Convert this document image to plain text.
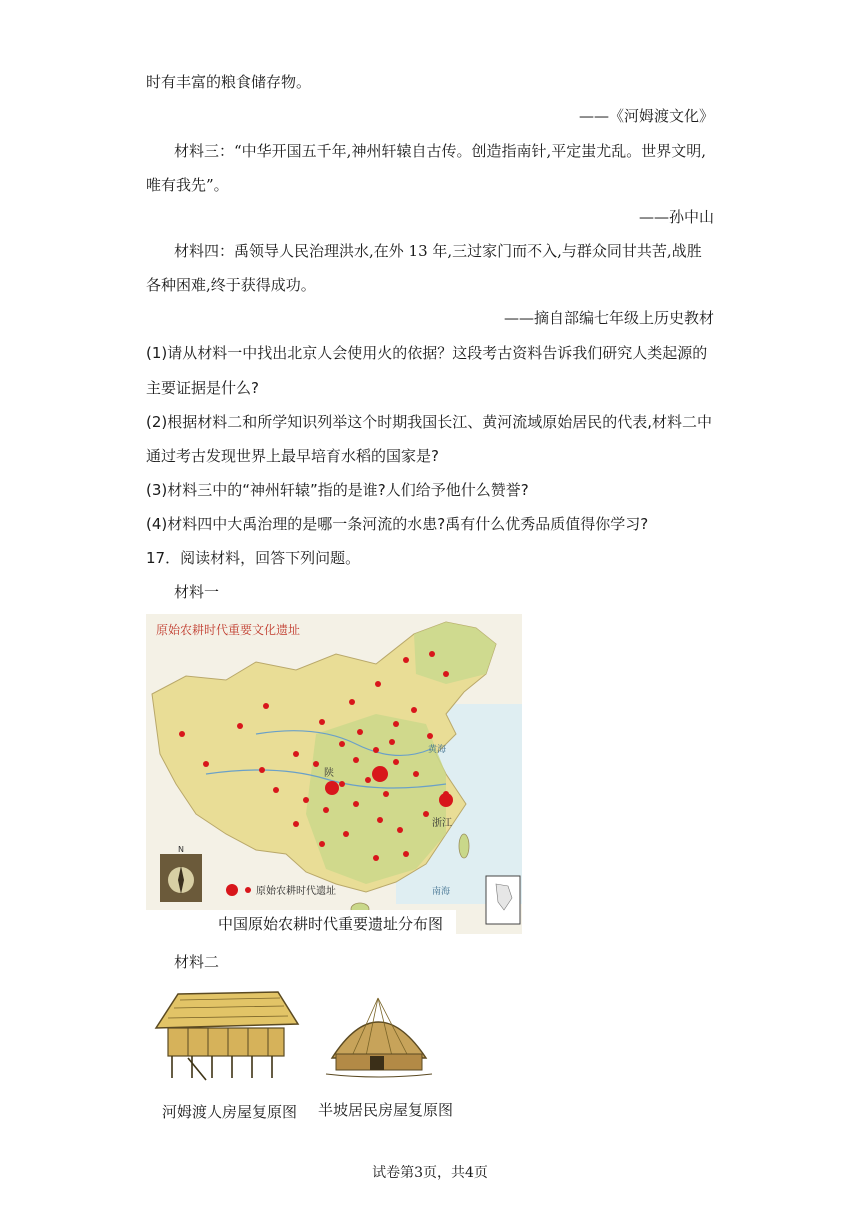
时有丰富的粮食储存物。
——《河姆渡文化》
材料三：“中华开国五千年,神州轩辕自古传。创造指南针,平定蚩尤乱。世界文明,
唯有我先”。
——孙中山
材料四：禹领导人民治理洪水,在外 13 年,三过家门而不入,与群众同甘共苦,战胜
各种困难,终于获得成功。
——摘自部编七年级上历史教材
(1)请从材料一中找出北京人会使用火的依据？这段考古资料告诉我们研究人类起源的
主要证据是什么?
(2)根据材料二和所学知识列举这个时期我国长江、黄河流域原始居民的代表,材料二中
通过考古发现世界上最早培育水稻的国家是?
(3)材料三中的“神州轩辕”指的是谁?人们给予他什么赞誉?
(4)材料四中大禹治理的是哪一条河流的水患?禹有什么优秀品质值得你学习?
17．阅读材料，回答下列问题。
材料一
原始农耕时代重要文化遗址
黄海
浙江
陕
南海
N
原始农耕时代遗址
中国原始农耕时代重要遗址分布图
材料二
河姆渡人房屋复原图 半坡居民房屋复原图
试卷第3页，共4页
